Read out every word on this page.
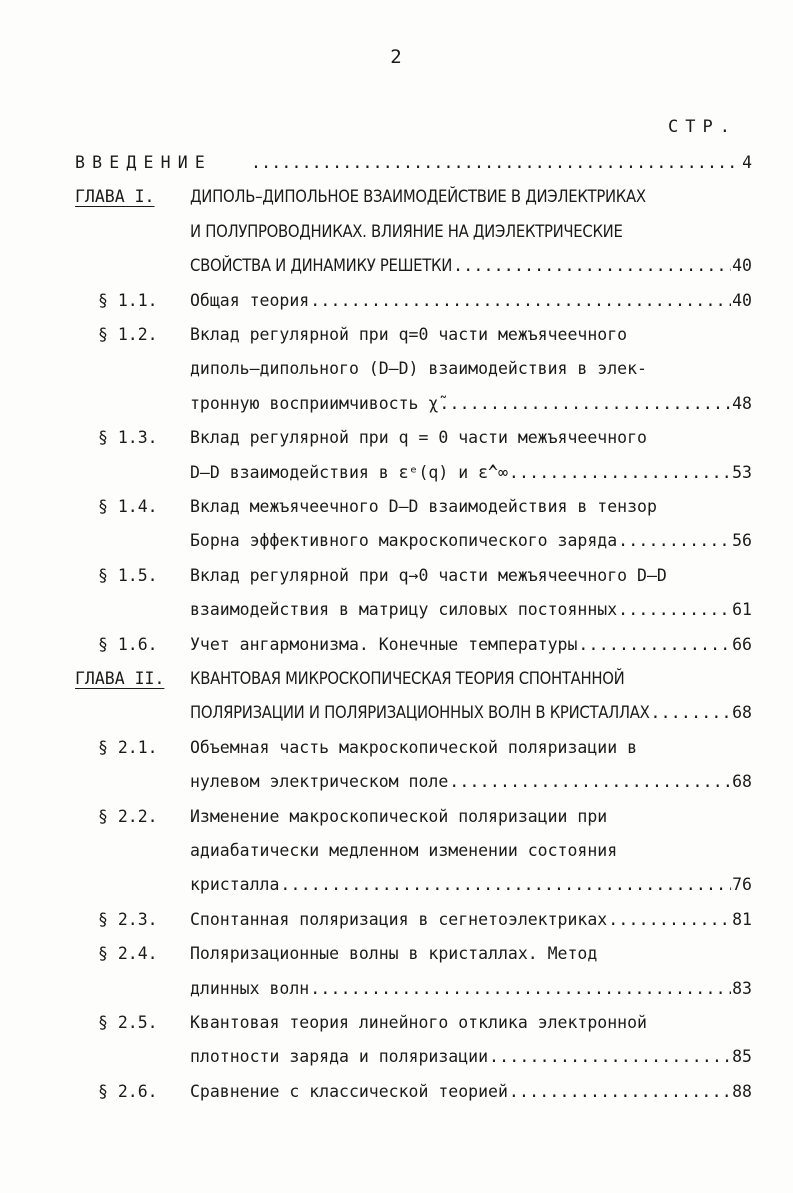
2
СТР.
ВВЕДЕНИЕ .....	4
ГЛАВА I. ДИПОЛЬ–ДИПОЛЬНОЕ ВЗАИМОДЕЙСТВИЕ В ДИЭЛЕКТРИКАХ
И ПОЛУПРОВОДНИКАХ. ВЛИЯНИЕ НА ДИЭЛЕКТРИЧЕСКИЕ
СВОЙСТВА И ДИНАМИКУ РЕШЕТКИ .....	40
§ 1.1. Общая теория .....	40
§ 1.2. Вклад регулярной при q=0 части межъячеечного
диполь–дипольного (D–D) взаимодействия в элек-
тронную восприимчивость χ̃ .....	48
§ 1.3. Вклад регулярной при q = 0 части межъячеечного
D–D взаимодействия в εᵉ(q) и ε̂^∞ .....	53
§ 1.4. Вклад межъячеечного D–D взаимодействия в тензор
Борна эффективного макроскопического заряда .....	56
§ 1.5. Вклад регулярной при q→0 части межъячеечного D–D
взаимодействия в матрицу силовых постоянных .....	61
§ 1.6. Учет ангармонизма. Конечные температуры .....	66
ГЛАВА II. КВАНТОВАЯ МИКРОСКОПИЧЕСКАЯ ТЕОРИЯ СПОНТАННОЙ
ПОЛЯРИЗАЦИИ И ПОЛЯРИЗАЦИОННЫХ ВОЛН В КРИСТАЛЛАХ .....	68
§ 2.1. Объемная часть макроскопической поляризации в
нулевом электрическом поле .....	68
§ 2.2. Изменение макроскопической поляризации при
адиабатически медленном изменении состояния
кристалла .....	76
§ 2.3. Спонтанная поляризация в сегнетоэлектриках .....	81
§ 2.4. Поляризационные волны в кристаллах. Метод
длинных волн .....	83
§ 2.5. Квантовая теория линейного отклика электронной
плотности заряда и поляризации .....	85
§ 2.6. Сравнение с классической теорией .....	88
